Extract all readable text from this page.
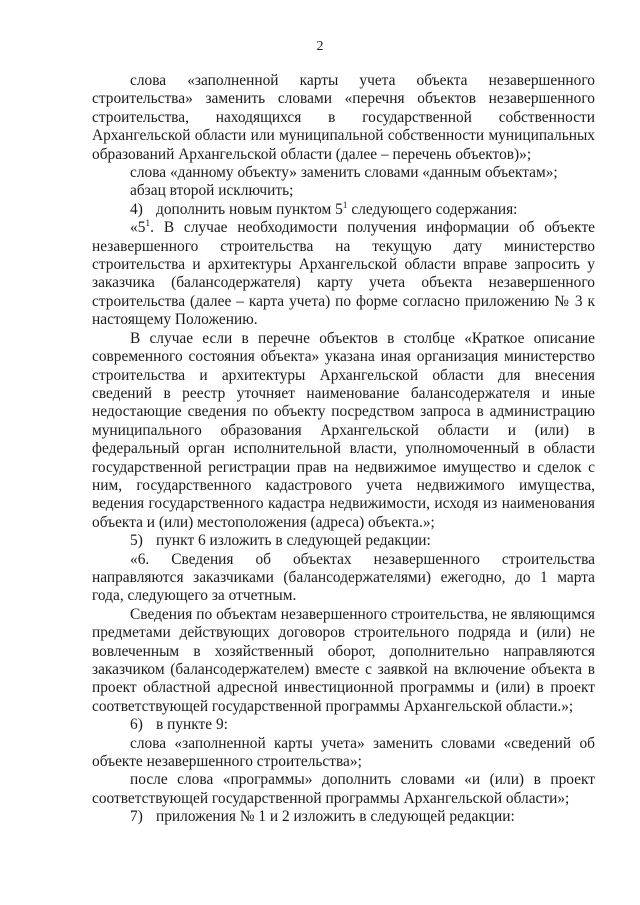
2

слова «заполненной карты учета объекта незавершенного строительства» заменить словами «перечня объектов незавершенного строительства, находящихся в государственной собственности Архангельской области или муниципальной собственности муниципальных образований Архангельской области (далее – перечень объектов)»;

слова «данному объекту» заменить словами «данным объектам»;

абзац второй исключить;

4) дополнить новым пунктом $5^1$ следующего содержания:

«$5^1$. В случае необходимости получения информации об объекте незавершенного строительства на текущую дату министерство строительства и архитектуры Архангельской области вправе запросить у заказчика (балансодержателя) карту учета объекта незавершенного строительства (далее – карта учета) по форме согласно приложению № 3 к настоящему Положению.

В случае если в перечне объектов в столбце «Краткое описание современного состояния объекта» указана иная организация министерство строительства и архитектуры Архангельской области для внесения сведений в реестр уточняет наименование балансодержателя и иные недостающие сведения по объекту посредством запроса в администрацию муниципального образования Архангельской области и (или) в федеральный орган исполнительной власти, уполномоченный в области государственной регистрации прав на недвижимое имущество и сделок с ним, государственного кадастрового учета недвижимого имущества, ведения государственного кадастра недвижимости, исходя из наименования объекта и (или) местоположения (адреса) объекта.»;

5) пункт 6 изложить в следующей редакции:

«6. Сведения об объектах незавершенного строительства направляются заказчиками (балансодержателями) ежегодно, до 1 марта года, следующего за отчетным.

Сведения по объектам незавершенного строительства, не являющимся предметами действующих договоров строительного подряда и (или) не вовлеченным в хозяйственный оборот, дополнительно направляются заказчиком (балансодержателем) вместе с заявкой на включение объекта в проект областной адресной инвестиционной программы и (или) в проект соответствующей государственной программы Архангельской области.»;

6) в пункте 9:

слова «заполненной карты учета» заменить словами «сведений об объекте незавершенного строительства»;

после слова «программы» дополнить словами «и (или) в проект соответствующей государственной программы Архангельской области»;

7) приложения № 1 и 2 изложить в следующей редакции:
